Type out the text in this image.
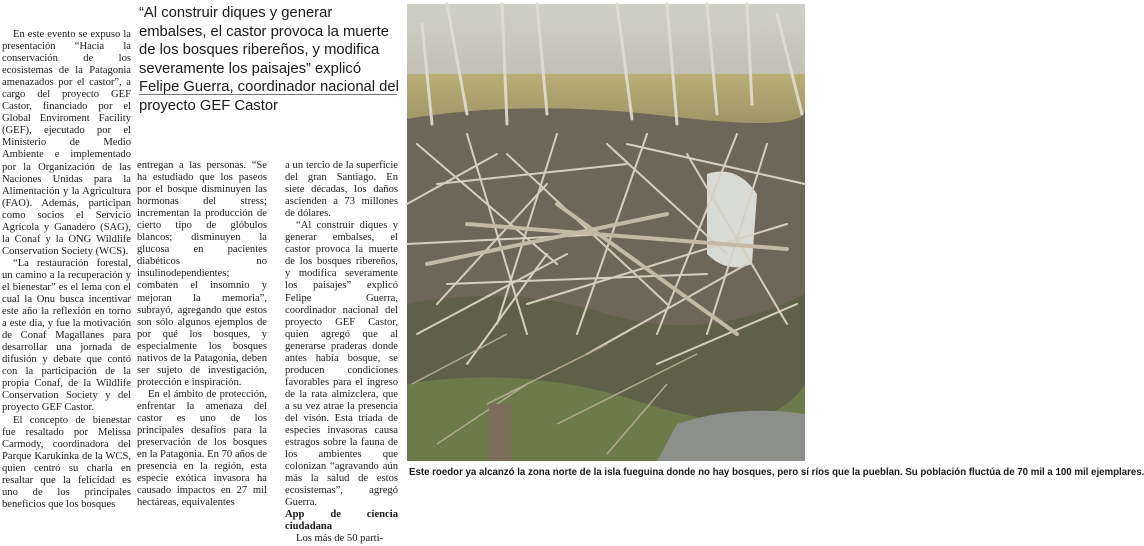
En este evento se expuso la presentación “Hacia la conservación de los ecosistemas de la Patagonia amenazados por el castor”, a cargo del proyecto GEF Castor, financiado por el Global Enviroment Facility (GEF), ejecutado por el Ministerio de Medio Ambiente e implementado por la Organización de las Naciones Unidas para la Alimentación y la Agricultura (FAO). Además, participan como socios el Servicio Agrícola y Ganadero (SAG), la Conaf y la ONG Wildlife Conservation Society (WCS).

“La restauración forestal, un camino a la recuperación y el bienestar” es el lema con el cual la Onu busca incentivar este año la reflexión en torno a este día, y fue la motivación de Conaf Magallanes para desarrollar una jornada de difusión y debate que contó con la participación de la propia Conaf, de la Wildlife Conservation Society y del proyecto GEF Castor.

El concepto de bienestar fue resaltado por Melissa Carmody, coordinadora del Parque Karukinka de la WCS, quien centró su charla en resaltar que la felicidad es uno de los principales beneficios que los bosques

“Al construir diques y generar embalses, el castor provoca la muerte de los bosques ribereños, y modifica severamente los paisajes” explicó Felipe Guerra, coordinador nacional del proyecto GEF Castor

entregan a las personas. “Se ha estudiado que los paseos por el bosque disminuyen las hormonas del stress; incrementan la producción de cierto tipo de glóbulos blancos; disminuyen la glucosa en pacientes diabéticos no insulinodependientes; combaten el insomnio y mejoran la memoria”, subrayó, agregando que estos son sólo algunos ejemplos de por qué los bosques, y especialmente los bosques nativos de la Patagonia, deben ser sujeto de investigación, protección e inspiración.

En el ámbito de protección, enfrentar la amenaza del castor es uno de los principales desafíos para la preservación de los bosques en la Patagonia. En 70 años de presencia en la región, esta especie exótica invasora ha causado impactos en 27 mil hectáreas, equivalentes

a un tercio de la superficie del gran Santiago. En siete décadas, los daños ascienden a 73 millones de dólares.

“Al construir diques y generar embalses, el castor provoca la muerte de los bosques ribereños, y modifica severamente los paisajes” explicó Felipe Guerra, coordinador nacional del proyecto GEF Castor, quien agregó que al generarse praderas donde antes había bosque, se producen condiciones favorables para el ingreso de la rata almizclera, que a su vez atrae la presencia del visón. Esta tríada de especies invasoras causa estragos sobre la fauna de los ambientes que colonizan “agravando aún más la salud de estos ecosistemas”, agregó Guerra.

App de ciencia ciudadana

Los más de 50 parti-

Este roedor ya alcanzó la zona norte de la isla fueguina donde no hay bosques, pero sí ríos que la pueblan. Su población fluctúa de 70 mil a 100 mil ejemplares.
